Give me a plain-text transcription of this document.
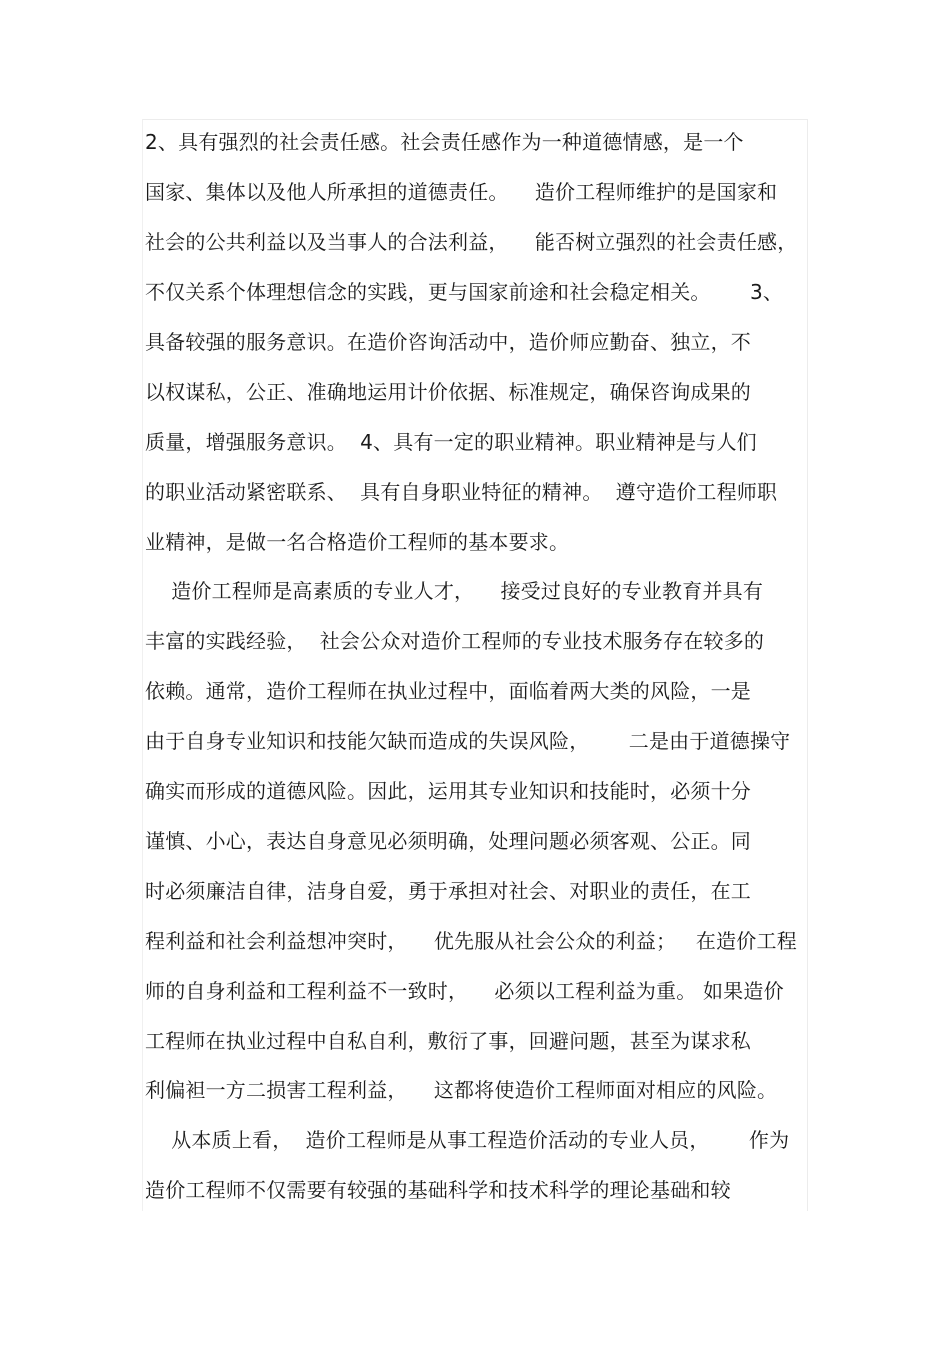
2、具有强烈的社会责任感。社会责任感作为一种道德情感，是一个
国家、集体以及他人所承担的道德责任。    造价工程师维护的是国家和
社会的公共利益以及当事人的合法利益，    能否树立强烈的社会责任感，
不仅关系个体理想信念的实践，更与国家前途和社会稳定相关。      3、
具备较强的服务意识。在造价咨询活动中，造价师应勤奋、独立，不
以权谋私，公正、准确地运用计价依据、标准规定，确保咨询成果的
质量，增强服务意识。  4、具有一定的职业精神。职业精神是与人们
的职业活动紧密联系、  具有自身职业特征的精神。  遵守造价工程师职
业精神，是做一名合格造价工程师的基本要求。
造价工程师是高素质的专业人才，    接受过良好的专业教育并具有
丰富的实践经验，  社会公众对造价工程师的专业技术服务存在较多的
依赖。通常，造价工程师在执业过程中，面临着两大类的风险，一是
由于自身专业知识和技能欠缺而造成的失误风险，      二是由于道德操守
确实而形成的道德风险。因此，运用其专业知识和技能时，必须十分
谨慎、小心，表达自身意见必须明确，处理问题必须客观、公正。同
时必须廉洁自律，洁身自爱，勇于承担对社会、对职业的责任，在工
程利益和社会利益想冲突时，    优先服从社会公众的利益；   在造价工程
师的自身利益和工程利益不一致时，    必须以工程利益为重。 如果造价
工程师在执业过程中自私自利，敷衍了事，回避问题，甚至为谋求私
利偏袒一方二损害工程利益，    这都将使造价工程师面对相应的风险。
从本质上看，  造价工程师是从事工程造价活动的专业人员，      作为
造价工程师不仅需要有较强的基础科学和技术科学的理论基础和较
